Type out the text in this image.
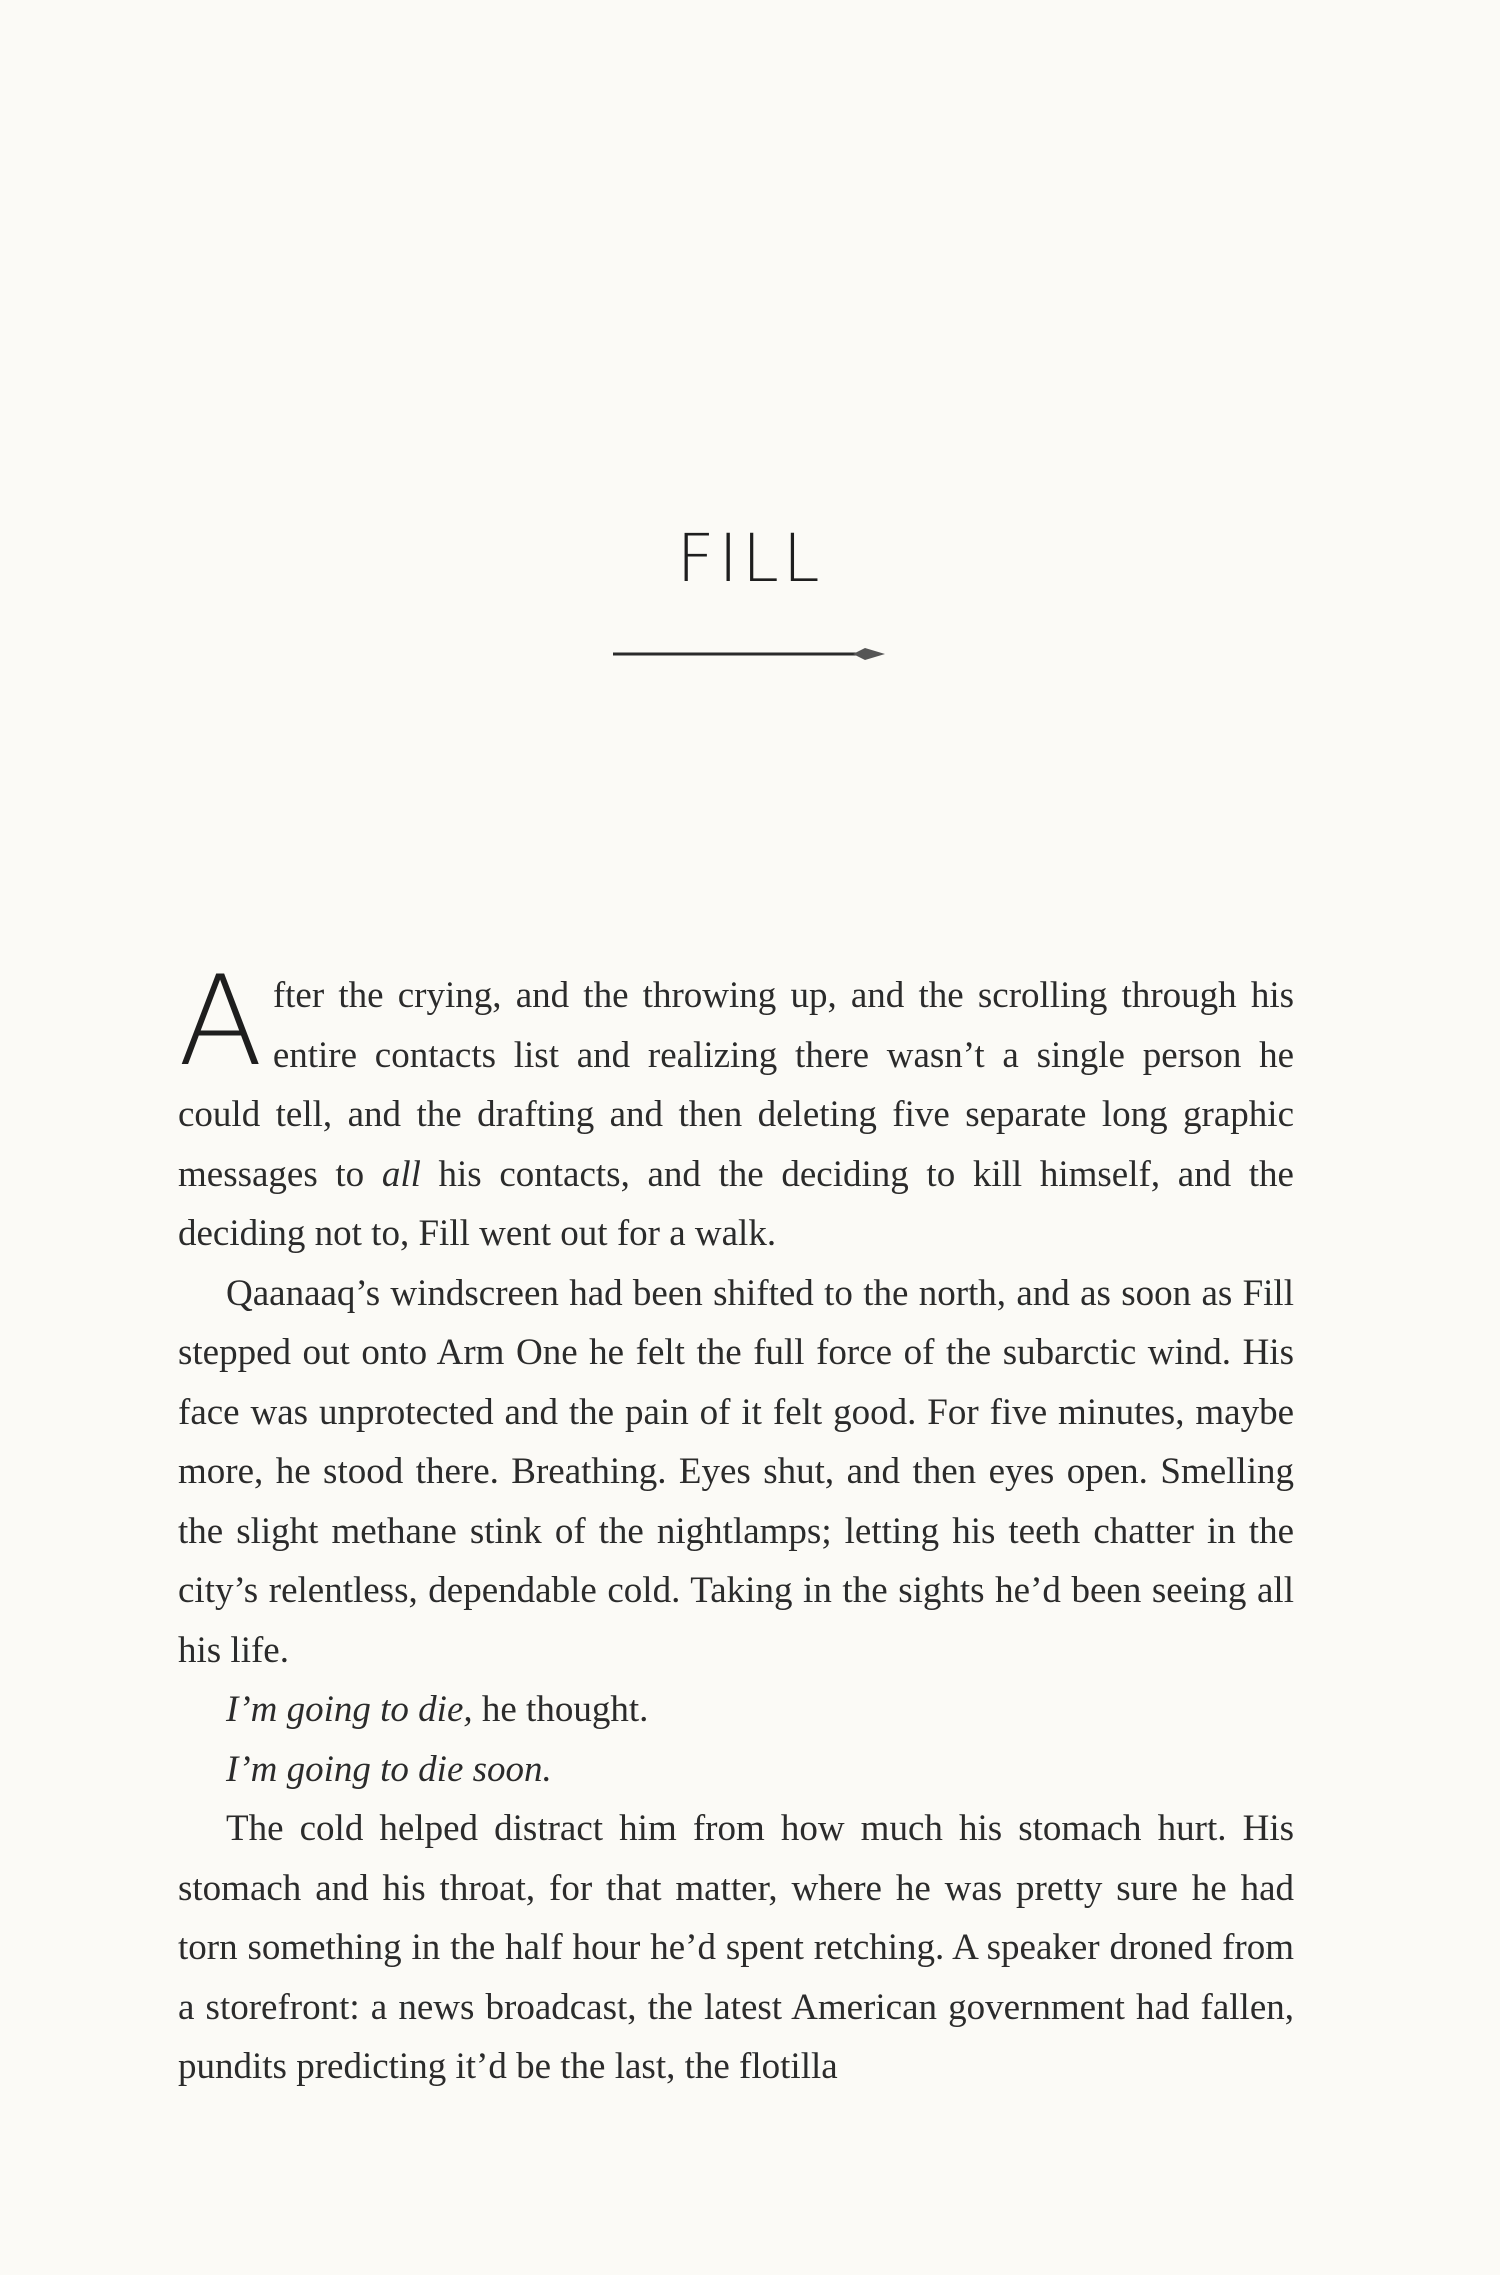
FILL

After the crying, and the throwing up, and the scrolling through his entire contacts list and realizing there wasn’t a single person he could tell, and the drafting and then deleting five separate long graphic messages to all his contacts, and the deciding to kill himself, and the deciding not to, Fill went out for a walk.

Qaanaaq’s windscreen had been shifted to the north, and as soon as Fill stepped out onto Arm One he felt the full force of the subarctic wind. His face was unprotected and the pain of it felt good. For five minutes, maybe more, he stood there. Breathing. Eyes shut, and then eyes open. Smelling the slight methane stink of the nightlamps; letting his teeth chatter in the city’s relentless, dependable cold. Taking in the sights he’d been seeing all his life.

I’m going to die, he thought.

I’m going to die soon.

The cold helped distract him from how much his stomach hurt. His stomach and his throat, for that matter, where he was pretty sure he had torn something in the half hour he’d spent retching. A speaker droned from a storefront: a news broadcast, the latest American government had fallen, pundits predicting it’d be the last, the flotilla
